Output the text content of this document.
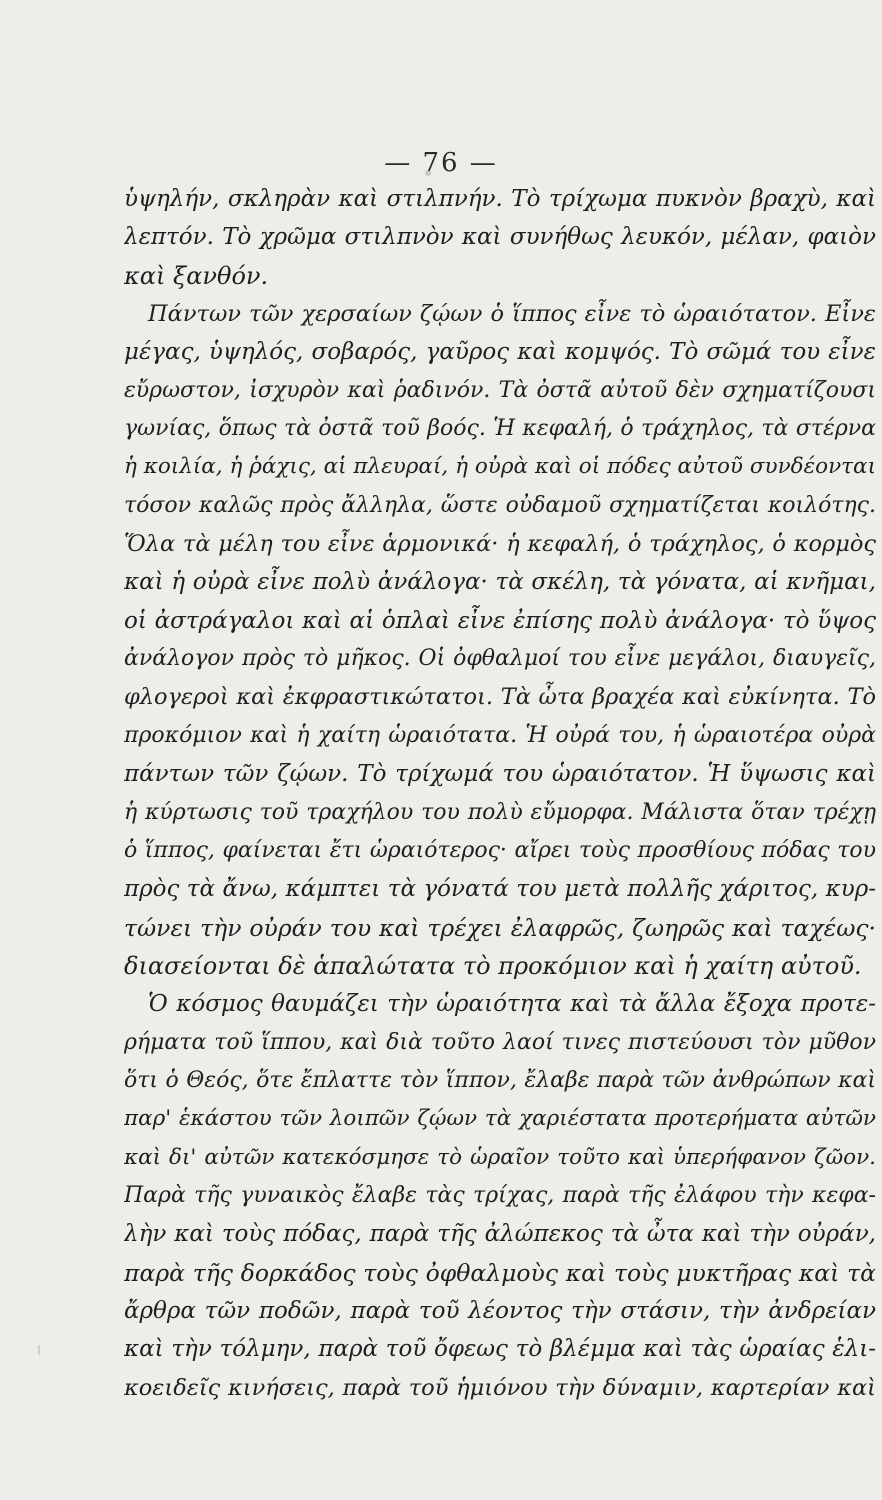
— 76 —
ὑψηλήν, σκληρὰν καὶ στιλπνήν. Τὸ τρίχωμα πυκνὸν βραχὺ, καὶ
λεπτόν. Τὸ χρῶμα στιλπνὸν καὶ συνήθως λευκόν, μέλαν, φαιὸν
καὶ ξανθόν.
Πάντων τῶν χερσαίων ζῴων ὁ ἵππος εἶνε τὸ ὡραιότατον. Εἶνε
μέγας, ὑψηλός, σοβαρός, γαῦρος καὶ κομψός. Τὸ σῶμά του εἶνε
εὔρωστον, ἰσχυρὸν καὶ ῥαδινόν. Τὰ ὀστᾶ αὐτοῦ δὲν σχηματίζουσι
γωνίας, ὅπως τὰ ὀστᾶ τοῦ βοός. Ἡ κεφαλή, ὁ τράχηλος, τὰ στέρνα
ἡ κοιλία, ἡ ῥάχις, αἱ πλευραί, ἡ οὐρὰ καὶ οἱ πόδες αὐτοῦ συνδέονται
τόσον καλῶς πρὸς ἄλληλα, ὥστε οὐδαμοῦ σχηματίζεται κοιλότης.
Ὅλα τὰ μέλη του εἶνε ἁρμονικά· ἡ κεφαλή, ὁ τράχηλος, ὁ κορμὸς
καὶ ἡ οὐρὰ εἶνε πολὺ ἀνάλογα· τὰ σκέλη, τὰ γόνατα, αἱ κνῆμαι,
οἱ ἀστράγαλοι καὶ αἱ ὁπλαὶ εἶνε ἐπίσης πολὺ ἀνάλογα· τὸ ὕψος
ἀνάλογον πρὸς τὸ μῆκος. Οἱ ὀφθαλμοί του εἶνε μεγάλοι, διαυγεῖς,
φλογεροὶ καὶ ἐκφραστικώτατοι. Τὰ ὦτα βραχέα καὶ εὐκίνητα. Τὸ
προκόμιον καὶ ἡ χαίτη ὡραιότατα. Ἡ οὐρά του, ἡ ὡραιοτέρα οὐρὰ
πάντων τῶν ζῴων. Τὸ τρίχωμά του ὡραιότατον. Ἡ ὕψωσις καὶ
ἡ κύρτωσις τοῦ τραχήλου του πολὺ εὔμορφα. Μάλιστα ὅταν τρέχῃ
ὁ ἵππος, φαίνεται ἔτι ὡραιότερος· αἴρει τοὺς προσθίους πόδας του
πρὸς τὰ ἄνω, κάμπτει τὰ γόνατά του μετὰ πολλῆς χάριτος, κυρ-
τώνει τὴν οὐράν του καὶ τρέχει ἐλαφρῶς, ζωηρῶς καὶ ταχέως·
διασείονται δὲ ἁπαλώτατα τὸ προκόμιον καὶ ἡ χαίτη αὐτοῦ.
Ὁ κόσμος θαυμάζει τὴν ὡραιότητα καὶ τὰ ἄλλα ἔξοχα προτε-
ρήματα τοῦ ἵππου, καὶ διὰ τοῦτο λαοί τινες πιστεύουσι τὸν μῦθον
ὅτι ὁ Θεός, ὅτε ἔπλαττε τὸν ἵππον, ἔλαβε παρὰ τῶν ἀνθρώπων καὶ
παρ' ἑκάστου τῶν λοιπῶν ζῴων τὰ χαριέστατα προτερήματα αὐτῶν
καὶ δι' αὐτῶν κατεκόσμησε τὸ ὡραῖον τοῦτο καὶ ὑπερήφανον ζῶον.
Παρὰ τῆς γυναικὸς ἔλαβε τὰς τρίχας, παρὰ τῆς ἐλάφου τὴν κεφα-
λὴν καὶ τοὺς πόδας, παρὰ τῆς ἀλώπεκος τὰ ὦτα καὶ τὴν οὐράν,
παρὰ τῆς δορκάδος τοὺς ὀφθαλμοὺς καὶ τοὺς μυκτῆρας καὶ τὰ
ἄρθρα τῶν ποδῶν, παρὰ τοῦ λέοντος τὴν στάσιν, τὴν ἀνδρείαν
καὶ τὴν τόλμην, παρὰ τοῦ ὄφεως τὸ βλέμμα καὶ τὰς ὡραίας ἑλι-
κοειδεῖς κινήσεις, παρὰ τοῦ ἡμιόνου τὴν δύναμιν, καρτερίαν καὶ
